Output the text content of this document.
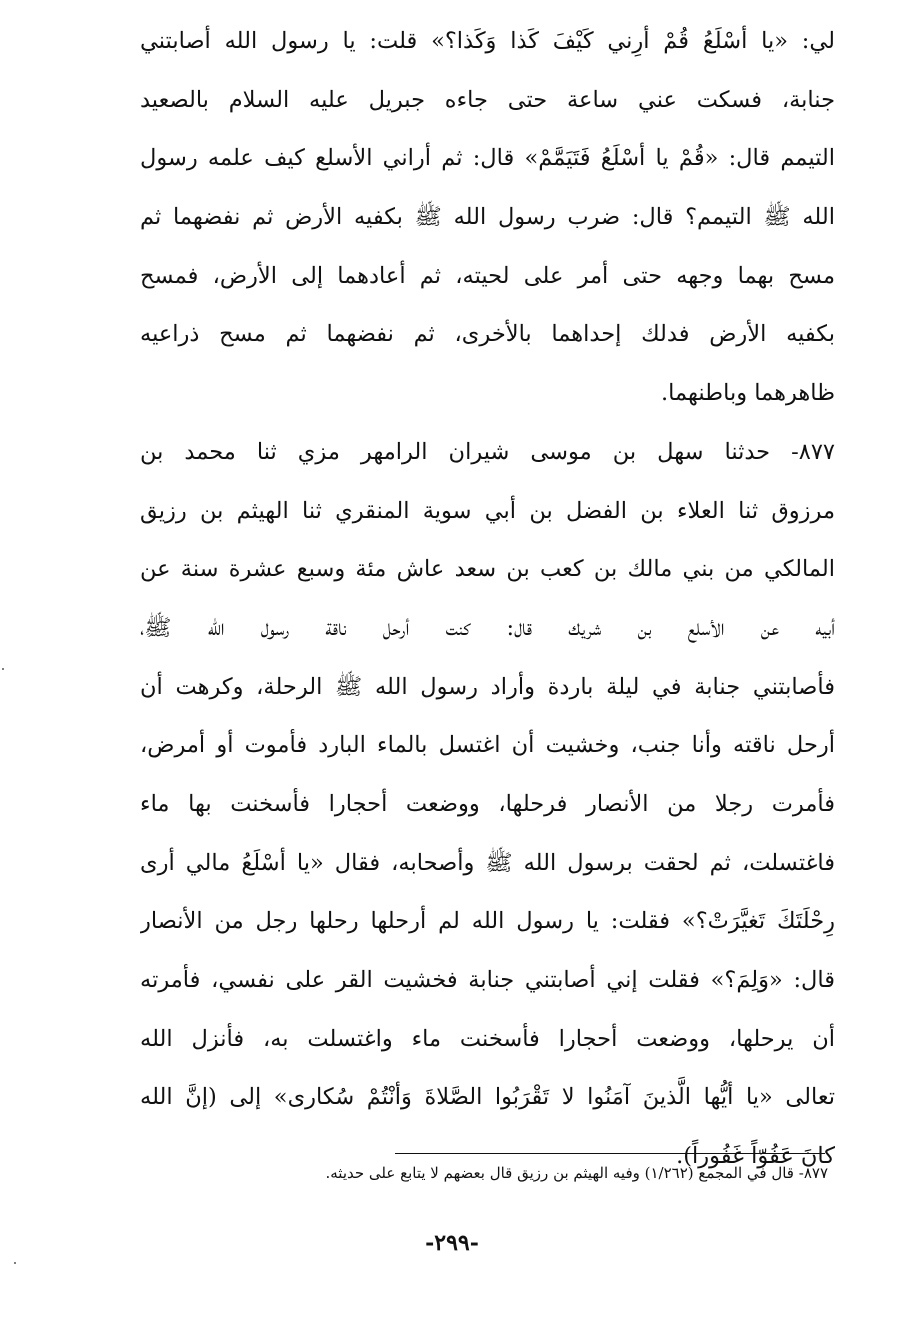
لي: «يا أسْلَعُ قُمْ أرِني كَيْفَ كَذا وَكَذا؟» قلت: يا رسول الله أصابتني
جنابة، فسكت عني ساعة حتى جاءه جبريل عليه السلام بالصعيد
التيمم قال: «قُمْ يا أسْلَعُ فَتَيَمَّمْ» قال: ثم أراني الأسلع كيف علمه رسول
الله ﷺ التيمم؟ قال: ضرب رسول الله ﷺ بكفيه الأرض ثم نفضهما ثم
مسح بهما وجهه حتى أمر على لحيته، ثم أعادهما إلى الأرض، فمسح
بكفيه الأرض فدلك إحداهما بالأخرى، ثم نفضهما ثم مسح ذراعيه
ظاهرهما وباطنهما.
٨٧٧- حدثنا سهل بن موسى شيران الرامهر مزي ثنا محمد بن
مرزوق ثنا العلاء بن الفضل بن أبي سوية المنقري ثنا الهيثم بن رزيق
المالكي من بني مالك بن كعب بن سعد عاش مئة وسبع عشرة سنة عن
أبيه عن الأسلع بن شريك قال: كنت أرحل ناقة رسول الله ﷺ،
فأصابتني جنابة في ليلة باردة وأراد رسول الله ﷺ الرحلة، وكرهت أن
أرحل ناقته وأنا جنب، وخشيت أن اغتسل بالماء البارد فأموت أو أمرض،
فأمرت رجلا من الأنصار فرحلها، ووضعت أحجارا فأسخنت بها ماء
فاغتسلت، ثم لحقت برسول الله ﷺ وأصحابه، فقال «يا أسْلَعُ مالي أرى
رِحْلَتَكَ تَغيَّرَتْ؟» فقلت: يا رسول الله لم أرحلها رحلها رجل من الأنصار
قال: «وَلِمَ؟» فقلت إني أصابتني جنابة فخشيت القر على نفسي، فأمرته
أن يرحلها، ووضعت أحجارا فأسخنت ماء واغتسلت به، فأنزل الله
تعالى «يا أيُّها الَّذينَ آمَنُوا لا تَقْرَبُوا الصَّلاةَ وَأنْتُمْ سُكارى» إلى (إنَّ الله
كانَ عَفُوّاً غَفُوراً).
٨٧٧- قال في المجمع (١/٢٦٢) وفيه الهيثم بن رزيق قال بعضهم لا يتابع على حديثه.
-٢٩٩-
